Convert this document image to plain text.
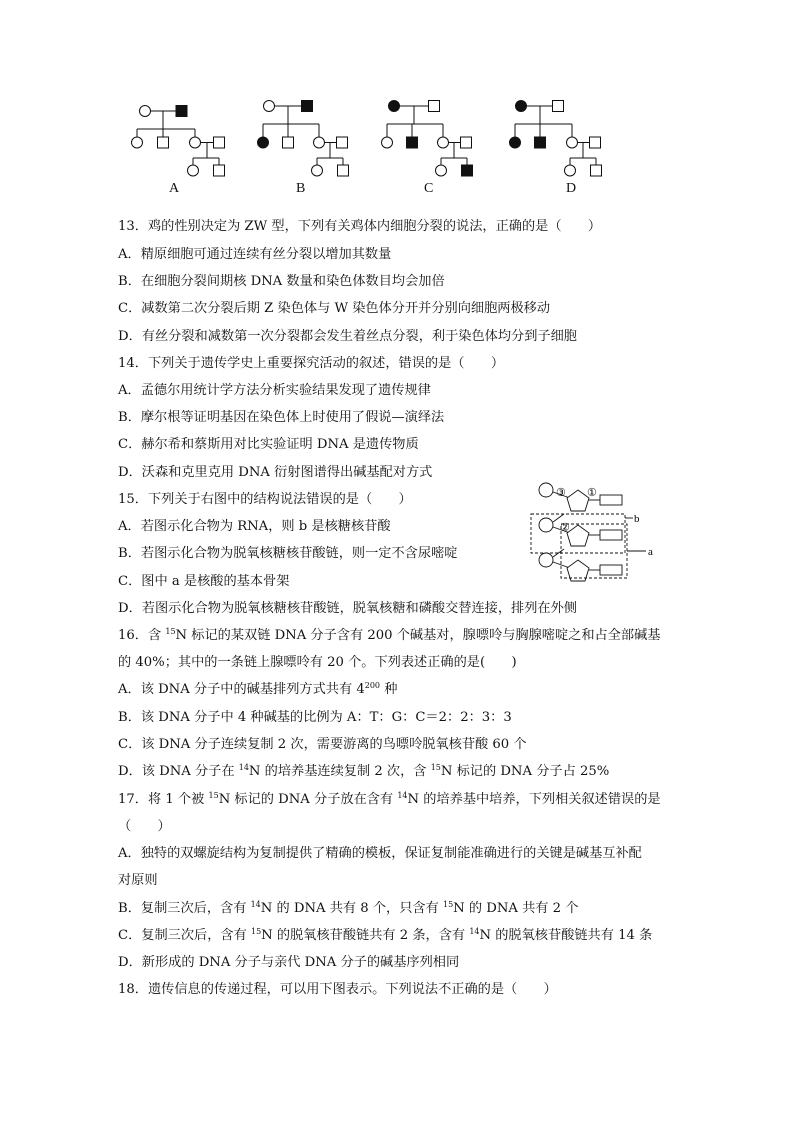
A	B	C	D
13．鸡的性别决定为 ZW 型，下列有关鸡体内细胞分裂的说法，正确的是（　　）
A．精原细胞可通过连续有丝分裂以增加其数量
B．在细胞分裂间期核 DNA 数量和染色体数目均会加倍
C．减数第二次分裂后期 Z 染色体与 W 染色体分开并分别向细胞两极移动
D．有丝分裂和减数第一次分裂都会发生着丝点分裂，利于染色体均分到子细胞
14．下列关于遗传学史上重要探究活动的叙述，错误的是（　　）
A．孟德尔用统计学方法分析实验结果发现了遗传规律
B．摩尔根等证明基因在染色体上时使用了假说—演绎法
C．赫尔希和蔡斯用对比实验证明 DNA 是遗传物质
D．沃森和克里克用 DNA 衍射图谱得出碱基配对方式
15．下列关于右图中的结构说法错误的是（　　）
A．若图示化合物为 RNA，则 b 是核糖核苷酸
B．若图示化合物为脱氧核糖核苷酸链，则一定不含尿嘧啶
C．图中 a 是核酸的基本骨架
D．若图示化合物为脱氧核糖核苷酸链，脱氧核糖和磷酸交替连接，排列在外侧
③ ①
②
b
a
16．含 $^{15}$N 标记的某双链 DNA 分子含有 200 个碱基对，腺嘌呤与胸腺嘧啶之和占全部碱基
的 40%；其中的一条链上腺嘌呤有 20 个。下列表述正确的是(　　)
A．该 DNA 分子中的碱基排列方式共有 $4^{200}$ 种
B．该 DNA 分子中 4 种碱基的比例为 A：T：G：C＝2：2：3：3
C．该 DNA 分子连续复制 2 次，需要游离的鸟嘌呤脱氧核苷酸 60 个
D．该 DNA 分子在 $^{14}$N 的培养基连续复制 2 次，含 $^{15}$N 标记的 DNA 分子占 25%
17．将 1 个被 $^{15}$N 标记的 DNA 分子放在含有 $^{14}$N 的培养基中培养，下列相关叙述错误的是
（　　）
A．独特的双螺旋结构为复制提供了精确的模板，保证复制能准确进行的关键是碱基互补配
对原则
B．复制三次后，含有 $^{14}$N 的 DNA 共有 8 个，只含有 $^{15}$N 的 DNA 共有 2 个
C．复制三次后，含有 $^{15}$N 的脱氧核苷酸链共有 2 条，含有 $^{14}$N 的脱氧核苷酸链共有 14 条
D．新形成的 DNA 分子与亲代 DNA 分子的碱基序列相同
18．遗传信息的传递过程，可以用下图表示。下列说法不正确的是（　　）
